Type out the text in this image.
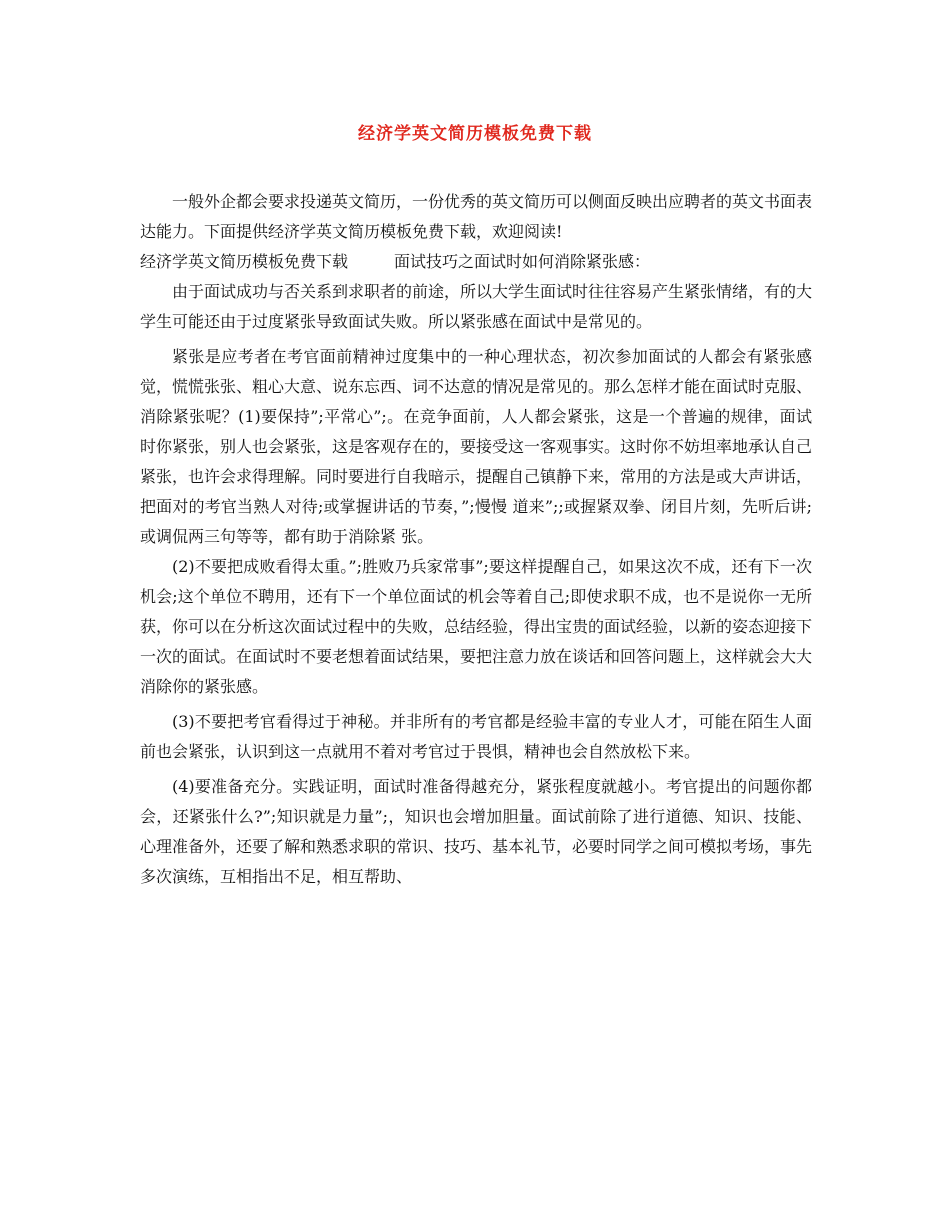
经济学英文简历模板免费下载

一般外企都会要求投递英文简历，一份优秀的英文简历可以侧面反映出应聘者的英文书面表达能力。下面提供经济学英文简历模板免费下载，欢迎阅读!

经济学英文简历模板免费下载	面试技巧之面试时如何消除紧张感：

由于面试成功与否关系到求职者的前途，所以大学生面试时往往容易产生紧张情绪，有的大学生可能还由于过度紧张导致面试失败。所以紧张感在面试中是常见的。

紧张是应考者在考官面前精神过度集中的一种心理状态，初次参加面试的人都会有紧张感觉，慌慌张张、粗心大意、说东忘西、词不达意的情况是常见的。那么怎样才能在面试时克服、消除紧张呢？(1)要保持”;平常心”;。在竞争面前，人人都会紧张，这是一个普遍的规律，面试时你紧张，别人也会紧张，这是客观存在的，要接受这一客观事实。这时你不妨坦率地承认自己紧张，也许会求得理解。同时要进行自我暗示，提醒自己镇静下来，常用的方法是或大声讲话，把面对的考官当熟人对待;或掌握讲话的节奏，”;慢慢 道来”;;或握紧双拳、闭目片刻，先听后讲;或调侃两三句等等，都有助于消除紧 张。

(2)不要把成败看得太重。”;胜败乃兵家常事”;要这样提醒自己，如果这次不成，还有下一次机会;这个单位不聘用，还有下一个单位面试的机会等着自己;即使求职不成，也不是说你一无所获，你可以在分析这次面试过程中的失败，总结经验，得出宝贵的面试经验，以新的姿态迎接下一次的面试。在面试时不要老想着面试结果，要把注意力放在谈话和回答问题上，这样就会大大消除你的紧张感。

(3)不要把考官看得过于神秘。并非所有的考官都是经验丰富的专业人才，可能在陌生人面前也会紧张，认识到这一点就用不着对考官过于畏惧，精神也会自然放松下来。

(4)要准备充分。实践证明，面试时准备得越充分，紧张程度就越小。考官提出的问题你都会，还紧张什么?”;知识就是力量”;，知识也会增加胆量。面试前除了进行道德、知识、技能、心理准备外，还要了解和熟悉求职的常识、技巧、基本礼节，必要时同学之间可模拟考场，事先多次演练，互相指出不足，相互帮助、
